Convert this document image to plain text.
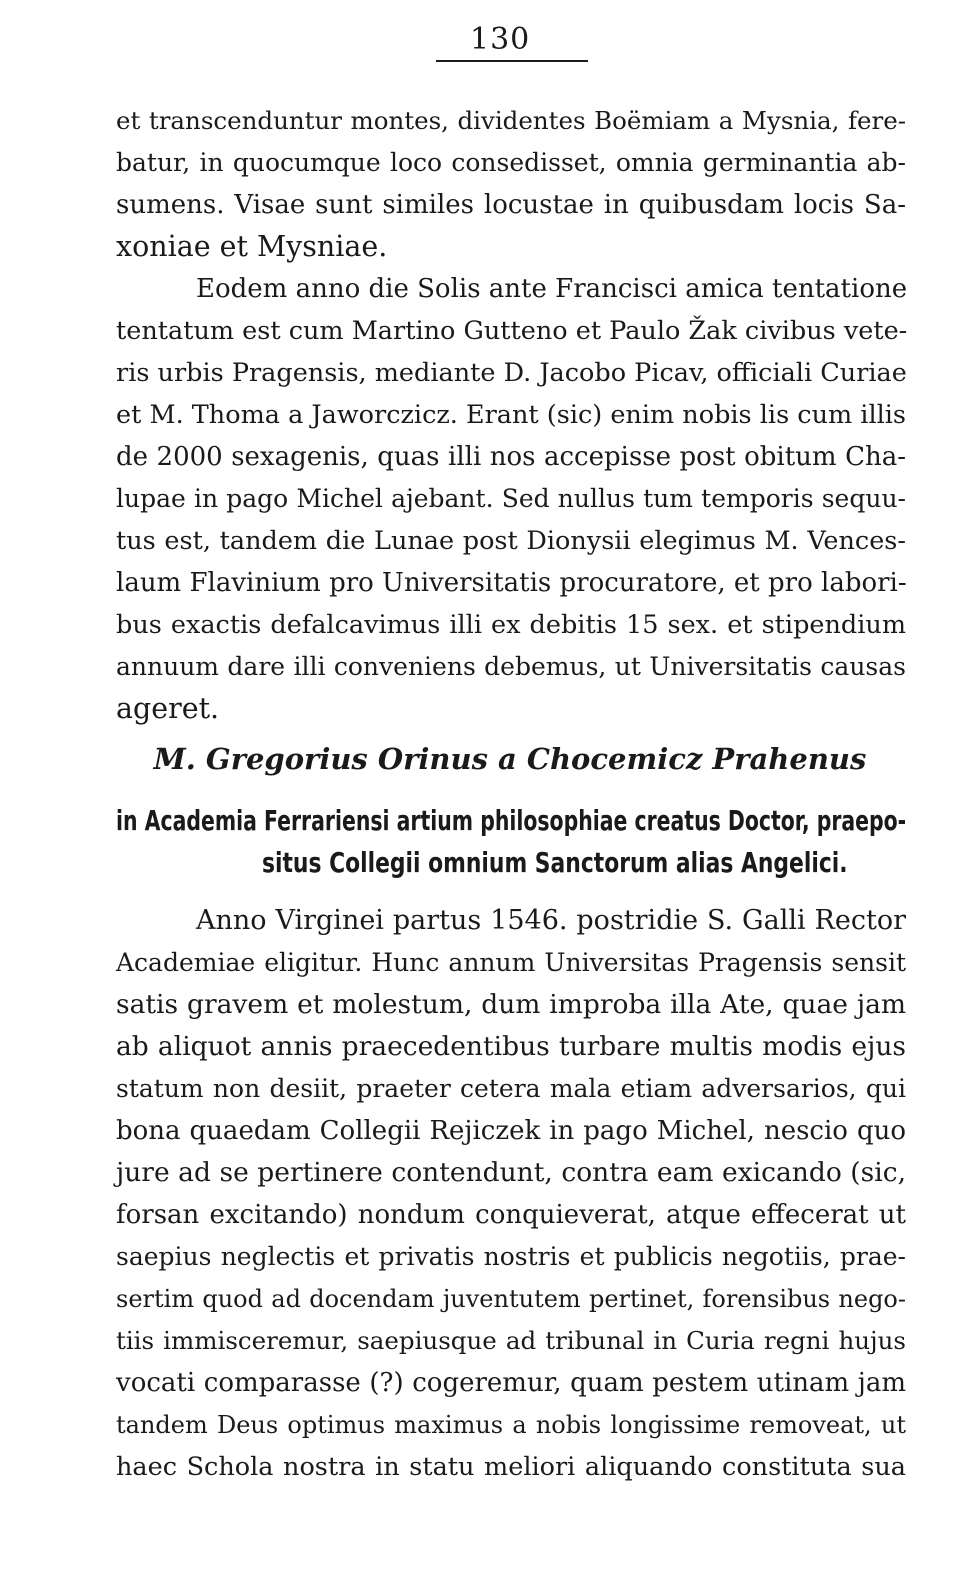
130
et transcenduntur montes, dividentes Boëmiam a Mysnia, fere-
batur, in quocumque loco consedisset, omnia germinantia ab-
sumens. Visae sunt similes locustae in quibusdam locis Sa-
xoniae et Mysniae.
Eodem anno die Solis ante Francisci amica tentatione
tentatum est cum Martino Gutteno et Paulo Žak civibus vete-
ris urbis Pragensis, mediante D. Jacobo Picav, officiali Curiae
et M. Thoma a Jaworczicz. Erant (sic) enim nobis lis cum illis
de 2000 sexagenis, quas illi nos accepisse post obitum Cha-
lupae in pago Michel ajebant. Sed nullus tum temporis sequu-
tus est, tandem die Lunae post Dionysii elegimus M. Vences-
laum Flavinium pro Universitatis procuratore, et pro labori-
bus exactis defalcavimus illi ex debitis 15 sex. et stipendium
annuum dare illi conveniens debemus, ut Universitatis causas
ageret.
M. Gregorius Orinus a Chocemicz Prahenus
in Academia Ferrariensi artium philosophiae creatus Doctor, praepo-
situs Collegii omnium Sanctorum alias Angelici.
Anno Virginei partus 1546. postridie S. Galli Rector
Academiae eligitur. Hunc annum Universitas Pragensis sensit
satis gravem et molestum, dum improba illa Ate, quae jam
ab aliquot annis praecedentibus turbare multis modis ejus
statum non desiit, praeter cetera mala etiam adversarios, qui
bona quaedam Collegii Rejiczek in pago Michel, nescio quo
jure ad se pertinere contendunt, contra eam exicando (sic,
forsan excitando) nondum conquieverat, atque effecerat ut
saepius neglectis et privatis nostris et publicis negotiis, prae-
sertim quod ad docendam juventutem pertinet, forensibus nego-
tiis immisceremur, saepiusque ad tribunal in Curia regni hujus
vocati comparasse (?) cogeremur, quam pestem utinam jam
tandem Deus optimus maximus a nobis longissime removeat, ut
haec Schola nostra in statu meliori aliquando constituta sua
